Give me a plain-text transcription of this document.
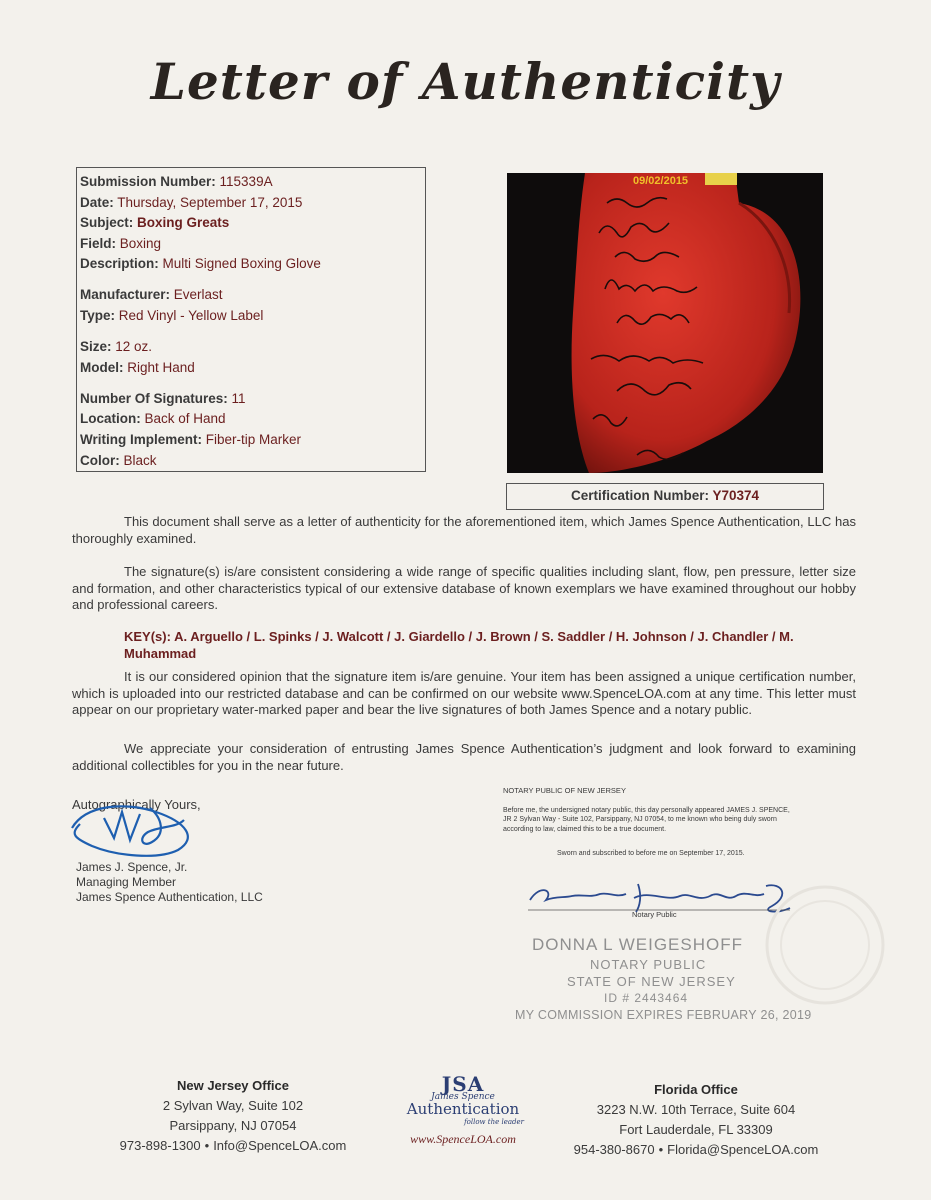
Letter of Authenticity
Submission Number: 115339A
Date: Thursday, September 17, 2015
Subject: Boxing Greats
Field: Boxing
Description: Multi Signed Boxing Glove
Manufacturer: Everlast
Type: Red Vinyl - Yellow Label
Size: 12 oz.
Model: Right Hand
Number Of Signatures: 11
Location: Back of Hand
Writing Implement: Fiber-tip Marker
Color: Black
09/02/2015
Certification Number: Y70374
This document shall serve as a letter of authenticity for the aforementioned item, which James Spence Authentication, LLC has thoroughly examined.
The signature(s) is/are consistent considering a wide range of specific qualities including slant, flow, pen pressure, letter size and formation, and other characteristics typical of our extensive database of known exemplars we have examined throughout our hobby and professional careers.
KEY(s): A. Arguello / L. Spinks / J. Walcott / J. Giardello / J. Brown / S. Saddler / H. Johnson / J. Chandler / M. Muhammad
It is our considered opinion that the signature item is/are genuine. Your item has been assigned a unique certification number, which is uploaded into our restricted database and can be confirmed on our website www.SpenceLOA.com at any time. This letter must appear on our proprietary water-marked paper and bear the live signatures of both James Spence and a notary public.
We appreciate your consideration of entrusting James Spence Authentication’s judgment and look forward to examining additional collectibles for you in the near future.
Autographically Yours,
James J. Spence, Jr.
Managing Member
James Spence Authentication, LLC
NOTARY PUBLIC OF NEW JERSEY
Before me, the undersigned notary public, this day personally appeared JAMES J. SPENCE, JR 2 Sylvan Way - Suite 102, Parsippany, NJ 07054, to me known who being duly sworn according to law, claimed this to be a true document.
Sworn and subscribed to before me on September 17, 2015.
Notary Public
DONNA L WEIGESHOFF
NOTARY PUBLIC
STATE OF NEW JERSEY
ID # 2443464
MY COMMISSION EXPIRES FEBRUARY 26, 2019
New Jersey Office
2 Sylvan Way, Suite 102
Parsippany, NJ 07054
973-898-1300 • Info@SpenceLOA.com
JSA
James Spence
Authentication
follow the leader
www.SpenceLOA.com
Florida Office
3223 N.W. 10th Terrace, Suite 604
Fort Lauderdale, FL 33309
954-380-8670 • Florida@SpenceLOA.com
